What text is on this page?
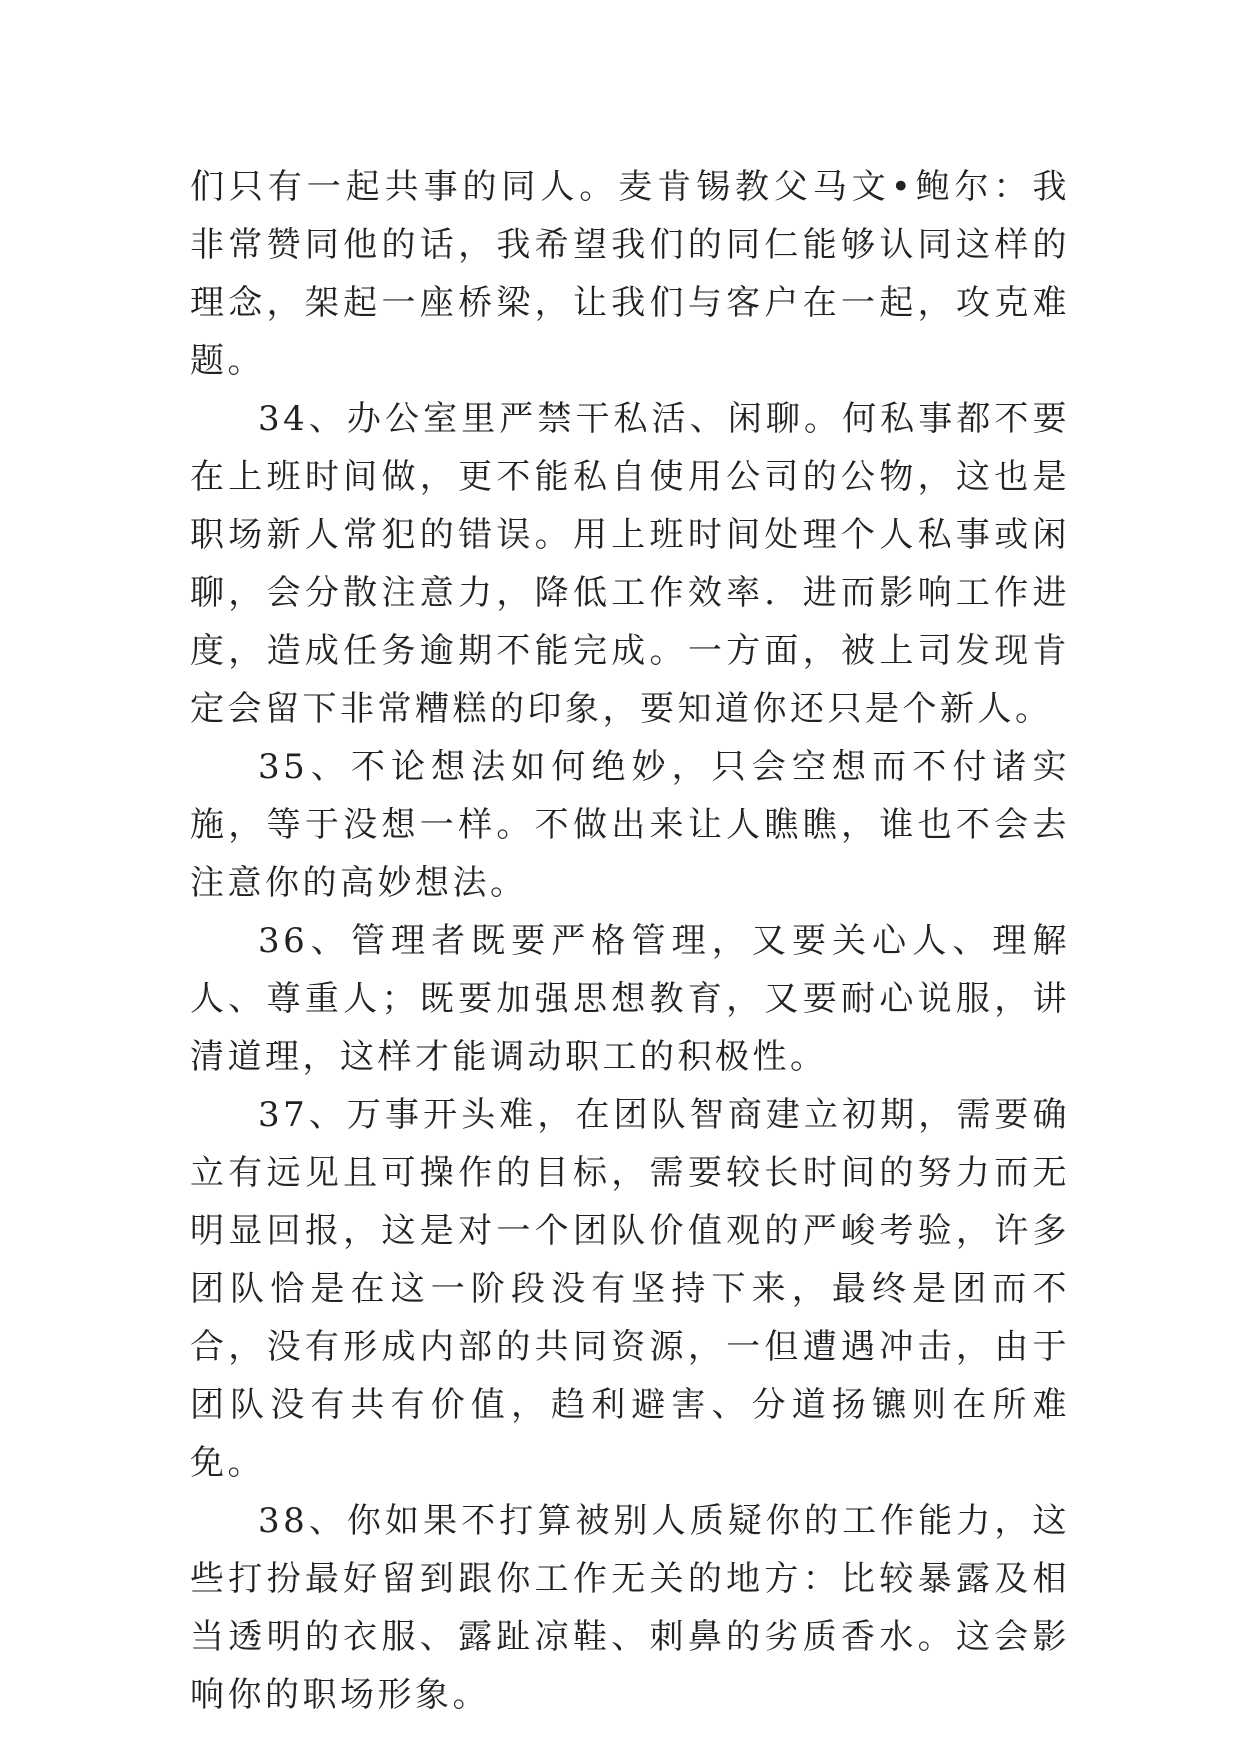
们只有一起共事的同人。麦肯锡教父马文•鲍尔：我非常赞同他的话，我希望我们的同仁能够认同这样的理念，架起一座桥梁，让我们与客户在一起，攻克难题。

34、办公室里严禁干私活、闲聊。何私事都不要在上班时间做，更不能私自使用公司的公物，这也是职场新人常犯的错误。用上班时间处理个人私事或闲聊，会分散注意力，降低工作效率．进而影响工作进度，造成任务逾期不能完成。一方面，被上司发现肯定会留下非常糟糕的印象，要知道你还只是个新人。

35、不论想法如何绝妙，只会空想而不付诸实施，等于没想一样。不做出来让人瞧瞧，谁也不会去注意你的高妙想法。

36、管理者既要严格管理，又要关心人、理解人、尊重人；既要加强思想教育，又要耐心说服，讲清道理，这样才能调动职工的积极性。

37、万事开头难，在团队智商建立初期，需要确立有远见且可操作的目标，需要较长时间的努力而无明显回报，这是对一个团队价值观的严峻考验，许多团队恰是在这一阶段没有坚持下来，最终是团而不合，没有形成内部的共同资源，一但遭遇冲击，由于团队没有共有价值，趋利避害、分道扬镳则在所难免。

38、你如果不打算被别人质疑你的工作能力，这些打扮最好留到跟你工作无关的地方：比较暴露及相当透明的衣服、露趾凉鞋、刺鼻的劣质香水。这会影响你的职场形象。
